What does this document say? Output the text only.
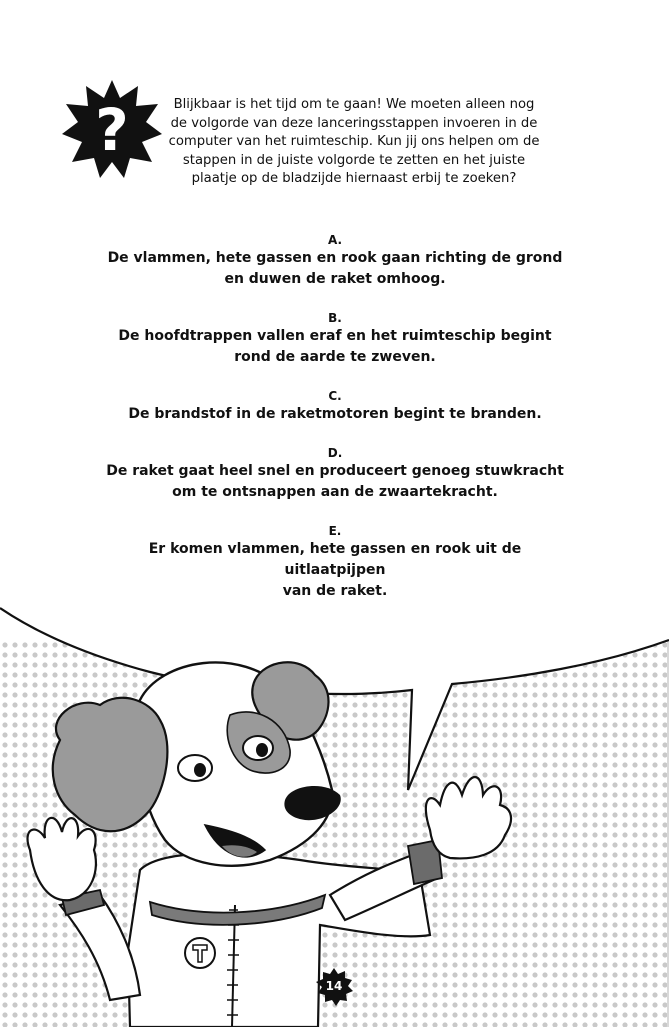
?	Blijkbaar is het tijd om te gaan! We moeten alleen nog de volgorde van deze lanceringsstappen invoeren in de computer van het ruimteschip. Kun jij ons helpen om de stappen in de juiste volgorde te zetten en het juiste plaatje op de bladzijde hiernaast erbij te zoeken?
A.
De vlammen, hete gassen en rook gaan richting de grond
en duwen de raket omhoog.
B.
De hoofdtrappen vallen eraf en het ruimteschip begint
rond de aarde te zweven.
C.
De brandstof in de raketmotoren begint te branden.
D.
De raket gaat heel snel en produceert genoeg stuwkracht
om te ontsnappen aan de zwaartekracht.
E.
Er komen vlammen, hete gassen en rook uit de uitlaatpijpen
van de raket.
14
